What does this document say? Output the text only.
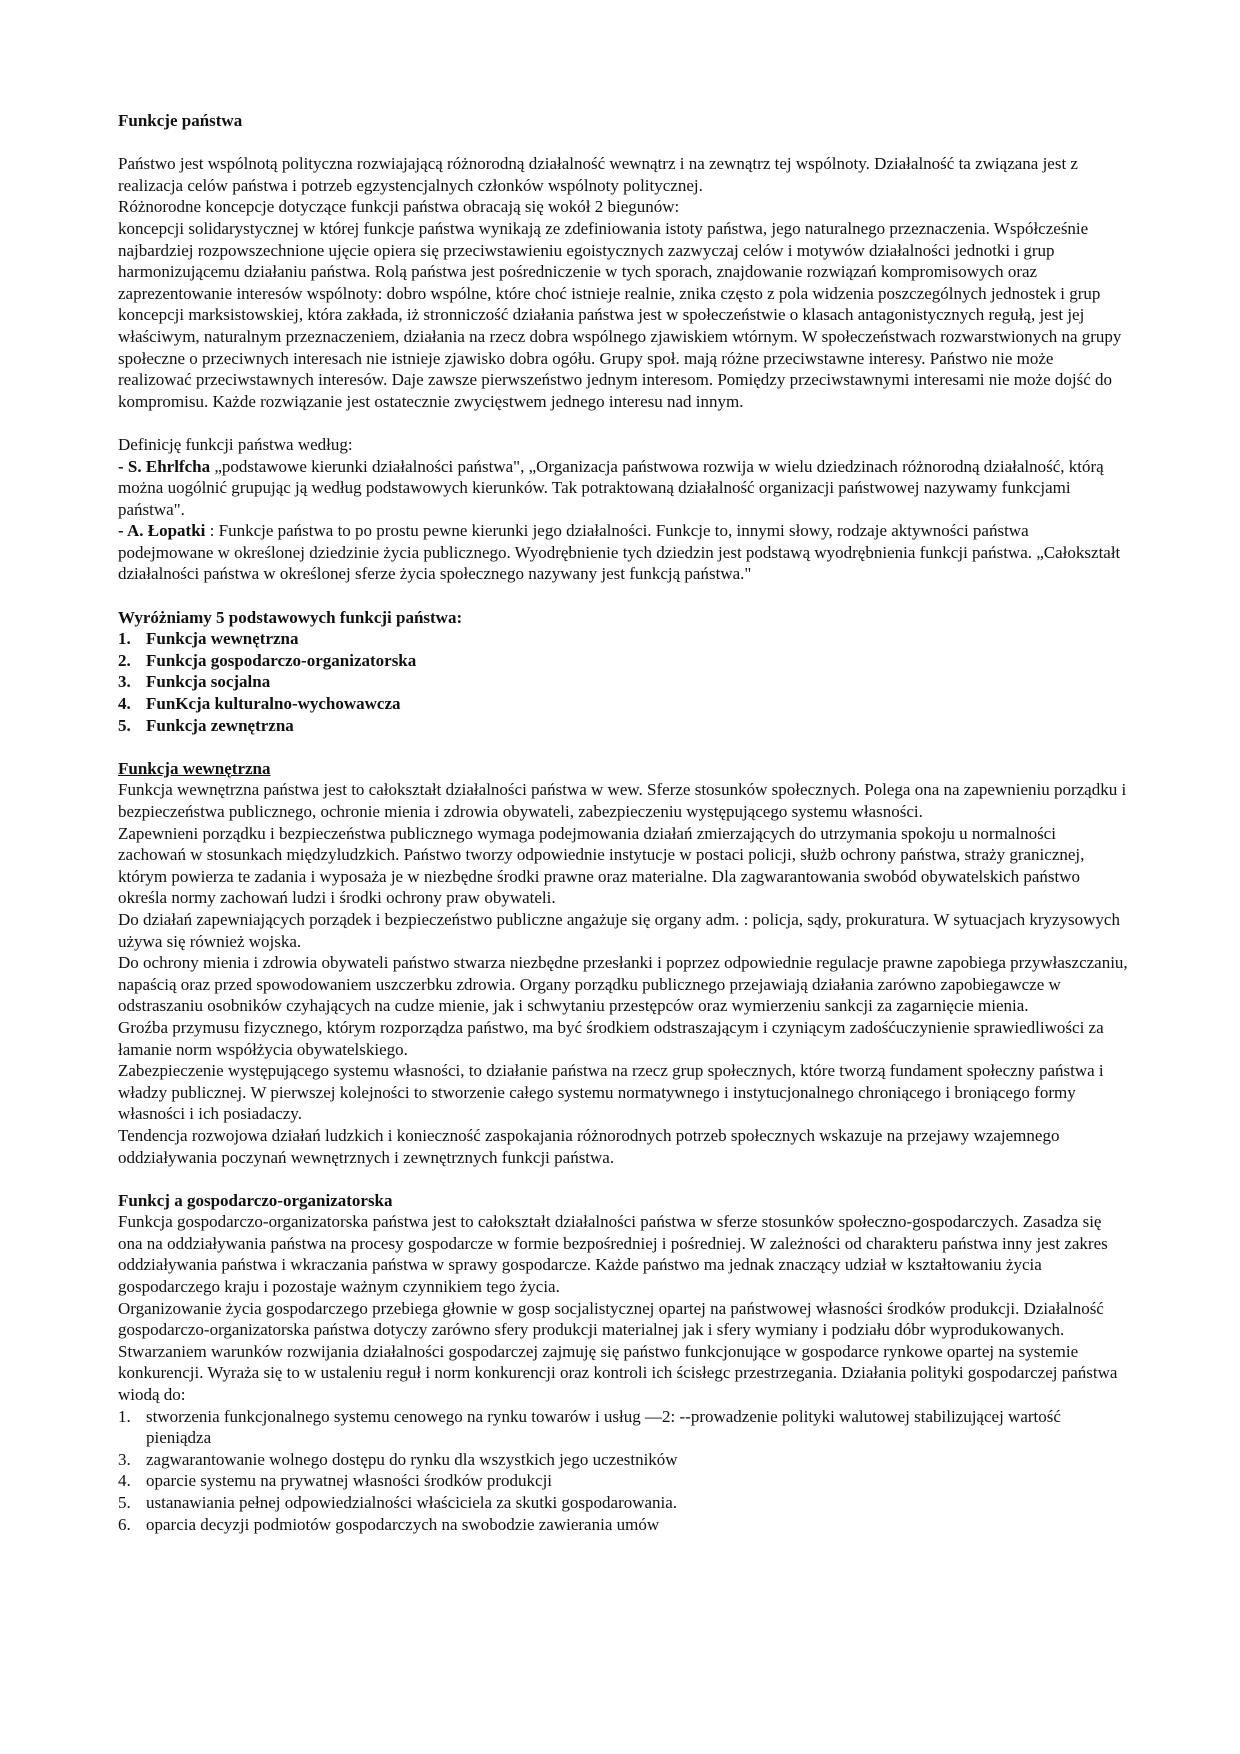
Funkcje państwa

Państwo jest wspólnotą polityczna rozwiajającą różnorodną działalność wewnątrz i na zewnątrz tej wspólnoty. Działalność ta związana jest z realizacja celów państwa i potrzeb egzystencjalnych członków wspólnoty politycznej.

Różnorodne koncepcje dotyczące funkcji państwa obracają się wokół 2 biegunów:

koncepcji solidarystycznej w której funkcje państwa wynikają ze zdefiniowania istoty państwa, jego naturalnego przeznaczenia. Współcześnie najbardziej rozpowszechnione ujęcie opiera się przeciwstawieniu egoistycznych zazwyczaj celów i motywów działalności jednotki i grup harmonizującemu działaniu państwa. Rolą państwa jest pośredniczenie w tych sporach, znajdowanie rozwiązań kompromisowych oraz zaprezentowanie interesów wspólnoty: dobro wspólne, które choć istnieje realnie, znika często z pola widzenia poszczególnych jednostek i grup koncepcji marksistowskiej, która zakłada, iż stronniczość działania państwa jest w społeczeństwie o klasach antagonistycznych regułą, jest jej właściwym, naturalnym przeznaczeniem, działania na rzecz dobra wspólnego zjawiskiem wtórnym. W społeczeństwach rozwarstwionych na grupy społeczne o przeciwnych interesach nie istnieje zjawisko dobra ogółu. Grupy społ. mają różne przeciwstawne interesy. Państwo nie może realizować przeciwstawnych interesów. Daje zawsze pierwszeństwo jednym interesom. Pomiędzy przeciwstawnymi interesami nie może dojść do kompromisu. Każde rozwiązanie jest ostatecznie zwycięstwem jednego interesu nad innym.

Definicję funkcji państwa według:

- S. Ehrlfcha „podstawowe kierunki działalności państwa", „Organizacja państwowa rozwija w wielu dziedzinach różnorodną działalność, którą można uogólnić grupując ją według podstawowych kierunków. Tak potraktowaną działalność organizacji państwowej nazywamy funkcjami państwa".

- A. Łopatki : Funkcje państwa to po prostu pewne kierunki jego działalności. Funkcje to, innymi słowy, rodzaje aktywności państwa podejmowane w określonej dziedzinie życia publicznego. Wyodrębnienie tych dziedzin jest podstawą wyodrębnienia funkcji państwa. „Całokształt działalności państwa w określonej sferze życia społecznego nazywany jest funkcją państwa."

Wyróżniamy 5 podstawowych funkcji państwa:

1. Funkcja wewnętrzna
2. Funkcja gospodarczo-organizatorska
3. Funkcja socjalna
4. FunKcja kulturalno-wychowawcza
5. Funkcja zewnętrzna

Funkcja wewnętrzna

Funkcja wewnętrzna państwa jest to całokształt działalności państwa w wew. Sferze stosunków społecznych. Polega ona na zapewnieniu porządku i bezpieczeństwa publicznego, ochronie mienia i zdrowia obywateli, zabezpieczeniu występującego systemu własności.

Zapewnieni porządku i bezpieczeństwa publicznego wymaga podejmowania działań zmierzających do utrzymania spokoju u normalności zachowań w stosunkach międzyludzkich. Państwo tworzy odpowiednie instytucje w postaci policji, służb ochrony państwa, straży granicznej, którym powierza te zadania i wyposaża je w niezbędne środki prawne oraz materialne. Dla zagwarantowania swobód obywatelskich państwo określa normy zachowań ludzi i środki ochrony praw obywateli.

Do działań zapewniających porządek i bezpieczeństwo publiczne angażuje się organy adm. : policja, sądy, prokuratura. W sytuacjach kryzysowych używa się również wojska.

Do ochrony mienia i zdrowia obywateli państwo stwarza niezbędne przesłanki i poprzez odpowiednie regulacje prawne zapobiega przywłaszczaniu, napaścią oraz przed spowodowaniem uszczerbku zdrowia. Organy porządku publicznego przejawiają działania zarówno zapobiegawcze w odstraszaniu osobników czyhających na cudze mienie, jak i schwytaniu przestępców oraz wymierzeniu sankcji za zagarnięcie mienia.

Groźba przymusu fizycznego, którym rozporządza państwo, ma być środkiem odstraszającym i czyniącym zadośćuczynienie sprawiedliwości za łamanie norm współżycia obywatelskiego.

Zabezpieczenie występującego systemu własności, to działanie państwa na rzecz grup społecznych, które tworzą fundament społeczny państwa i władzy publicznej. W pierwszej kolejności to stworzenie całego systemu normatywnego i instytucjonalnego chroniącego i broniącego formy własności i ich posiadaczy.

Tendencja rozwojowa działań ludzkich i konieczność zaspokajania różnorodnych potrzeb społecznych wskazuje na przejawy wzajemnego oddziaływania poczynań wewnętrznych i zewnętrznych funkcji państwa.

Funkcj a gospodarczo-organizatorska

Funkcja gospodarczo-organizatorska państwa jest to całokształt działalności państwa w sferze stosunków społeczno-gospodarczych. Zasadza się ona na oddziaływania państwa na procesy gospodarcze w formie bezpośredniej i pośredniej. W zależności od charakteru państwa inny jest zakres oddziaływania państwa i wkraczania państwa w sprawy gospodarcze. Każde państwo ma jednak znaczący udział w kształtowaniu życia gospodarczego kraju i pozostaje ważnym czynnikiem tego życia.

Organizowanie życia gospodarczego przebiega głownie w gosp socjalistycznej opartej na państwowej własności środków produkcji. Działalność gospodarczo-organizatorska państwa dotyczy zarówno sfery produkcji materialnej jak i sfery wymiany i podziału dóbr wyprodukowanych.

Stwarzaniem warunków rozwijania działalności gospodarczej zajmuję się państwo funkcjonujące w gospodarce rynkowe opartej na systemie konkurencji. Wyraża się to w ustaleniu reguł i norm konkurencji oraz kontroli ich ścisłegc przestrzegania. Działania polityki gospodarczej państwa wiodą do:

1. stworzenia funkcjonalnego systemu cenowego na rynku towarów i usług —2: --prowadzenie polityki walutowej stabilizującej wartość pieniądza
3. zagwarantowanie wolnego dostępu do rynku dla wszystkich jego uczestników
4. oparcie systemu na prywatnej własności środków produkcji
5. ustanawiania pełnej odpowiedzialności właściciela za skutki gospodarowania.
6. oparcia decyzji podmiotów gospodarczych na swobodzie zawierania umów
